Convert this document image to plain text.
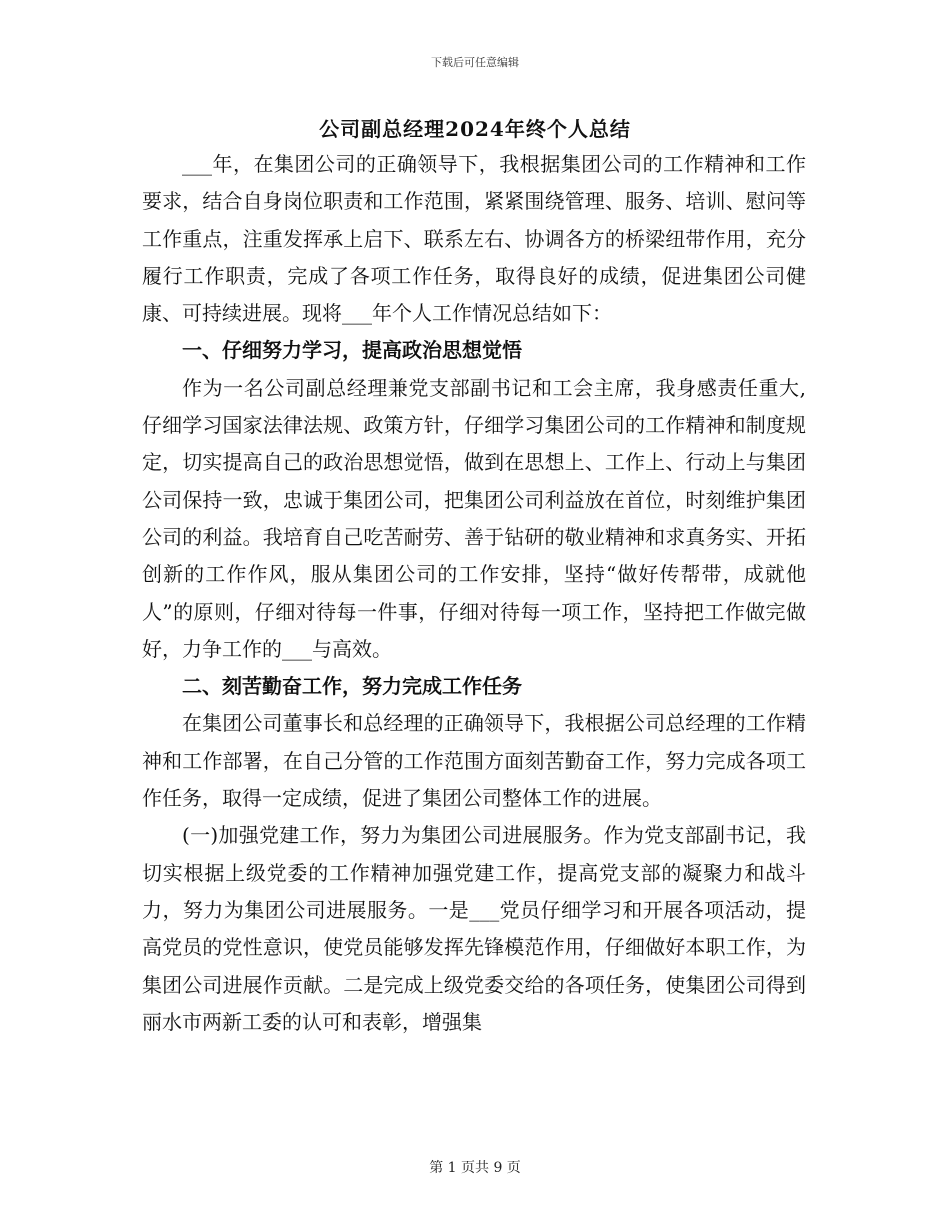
下载后可任意编辑
公司副总经理2024年终个人总结

___年，在集团公司的正确领导下，我根据集团公司的工作精神和工作要求，结合自身岗位职责和工作范围，紧紧围绕管理、服务、培训、慰问等工作重点，注重发挥承上启下、联系左右、协调各方的桥梁纽带作用，充分履行工作职责，完成了各项工作任务，取得良好的成绩，促进集团公司健康、可持续进展。现将___年个人工作情况总结如下：

一、仔细努力学习，提高政治思想觉悟

作为一名公司副总经理兼党支部副书记和工会主席，我身感责任重大,仔细学习国家法律法规、政策方针，仔细学习集团公司的工作精神和制度规定，切实提高自己的政治思想觉悟，做到在思想上、工作上、行动上与集团公司保持一致，忠诚于集团公司，把集团公司利益放在首位，时刻维护集团公司的利益。我培育自己吃苦耐劳、善于钻研的敬业精神和求真务实、开拓创新的工作作风，服从集团公司的工作安排，坚持“做好传帮带，成就他人”的原则，仔细对待每一件事，仔细对待每一项工作，坚持把工作做完做好，力争工作的___与高效。

二、刻苦勤奋工作，努力完成工作任务

在集团公司董事长和总经理的正确领导下，我根据公司总经理的工作精神和工作部署，在自己分管的工作范围方面刻苦勤奋工作，努力完成各项工作任务，取得一定成绩，促进了集团公司整体工作的进展。

(一)加强党建工作，努力为集团公司进展服务。作为党支部副书记，我切实根据上级党委的工作精神加强党建工作，提高党支部的凝聚力和战斗力，努力为集团公司进展服务。一是___党员仔细学习和开展各项活动，提高党员的党性意识，使党员能够发挥先锋模范作用，仔细做好本职工作，为集团公司进展作贡献。二是完成上级党委交给的各项任务，使集团公司得到丽水市两新工委的认可和表彰，增强集

第 1 页共 9 页
